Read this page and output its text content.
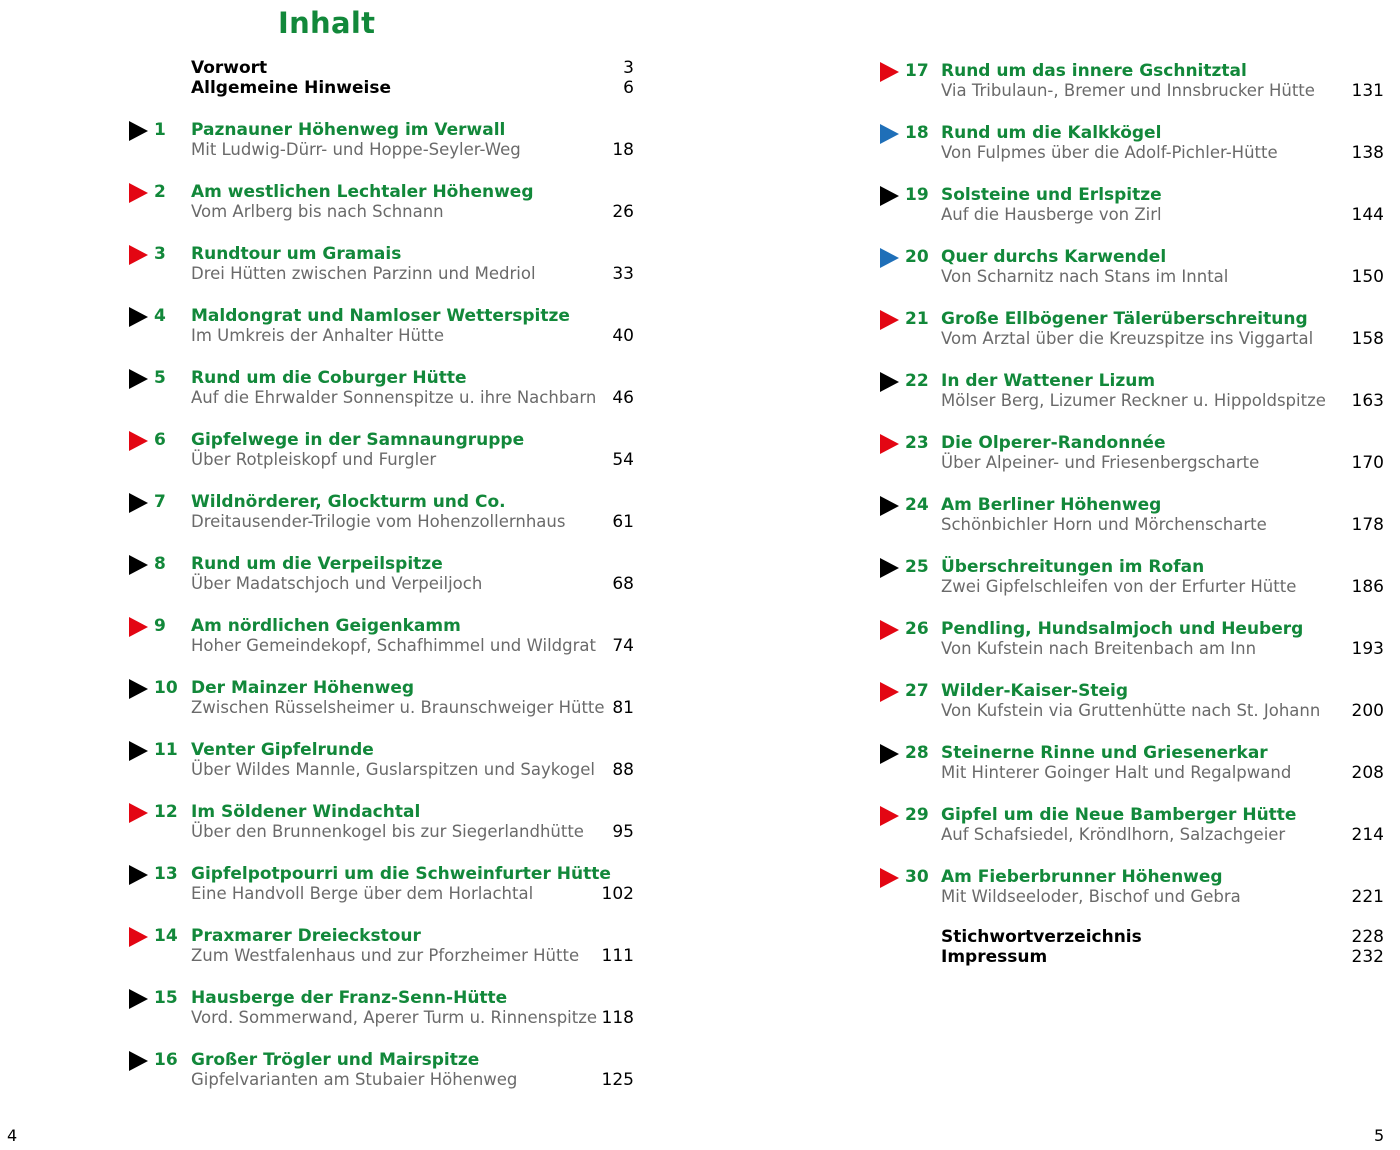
Inhalt
Vorwort	3
Allgemeine Hinweise	6
1 Paznauner Höhenweg im Verwall
Mit Ludwig-Dürr- und Hoppe-Seyler-Weg	18
2 Am westlichen Lechtaler Höhenweg
Vom Arlberg bis nach Schnann	26
3 Rundtour um Gramais
Drei Hütten zwischen Parzinn und Medriol	33
4 Maldongrat und Namloser Wetterspitze
Im Umkreis der Anhalter Hütte	40
5 Rund um die Coburger Hütte
Auf die Ehrwalder Sonnenspitze u. ihre Nachbarn 46
6 Gipfelwege in der Samnaungruppe
Über Rotpleiskopf und Furgler	54
7 Wildnörderer, Glockturm und Co.
Dreitausender-Trilogie vom Hohenzollernhaus	61
8 Rund um die Verpeilspitze
Über Madatschjoch und Verpeiljoch	68
9 Am nördlichen Geigenkamm
Hoher Gemeindekopf, Schafhimmel und Wildgrat 74
10 Der Mainzer Höhenweg
Zwischen Rüsselsheimer u. Braunschweiger Hütte 81
11 Venter Gipfelrunde
Über Wildes Mannle, Guslarspitzen und Saykogel	88
12 Im Söldener Windachtal
Über den Brunnenkogel bis zur Siegerlandhütte	95
13 Gipfelpotpourri um die Schweinfurter Hütte
Eine Handvoll Berge über dem Horlachtal	102
14 Praxmarer Dreieckstour
Zum Westfalenhaus und zur Pforzheimer Hütte	111
15 Hausberge der Franz-Senn-Hütte
Vord. Sommerwand, Aperer Turm u. Rinnenspitze 118
16 Großer Trögler und Mairspitze
Gipfelvarianten am Stubaier Höhenweg	125
17 Rund um das innere Gschnitztal
Via Tribulaun-, Bremer und Innsbrucker Hütte	131
18 Rund um die Kalkkögel
Von Fulpmes über die Adolf-Pichler-Hütte	138
19 Solsteine und Erlspitze
Auf die Hausberge von Zirl	144
20 Quer durchs Karwendel
Von Scharnitz nach Stans im Inntal	150
21 Große Ellbögener Tälerüberschreitung
Vom Arztal über die Kreuzspitze ins Viggartal	158
22 In der Wattener Lizum
Mölser Berg, Lizumer Reckner u. Hippoldspitze	163
23 Die Olperer-Randonnée
Über Alpeiner- und Friesenbergscharte	170
24 Am Berliner Höhenweg
Schönbichler Horn und Mörchenscharte	178
25 Überschreitungen im Rofan
Zwei Gipfelschleifen von der Erfurter Hütte	186
26 Pendling, Hundsalmjoch und Heuberg
Von Kufstein nach Breitenbach am Inn	193
27 Wilder-Kaiser-Steig
Von Kufstein via Gruttenhütte nach St. Johann	200
28 Steinerne Rinne und Griesenerkar
Mit Hinterer Goinger Halt und Regalpwand	208
29 Gipfel um die Neue Bamberger Hütte
Auf Schafsiedel, Kröndlhorn, Salzachgeier	214
30 Am Fieberbrunner Höhenweg
Mit Wildseeloder, Bischof und Gebra	221
Stichwortverzeichnis	228
Impressum	232
4	5
